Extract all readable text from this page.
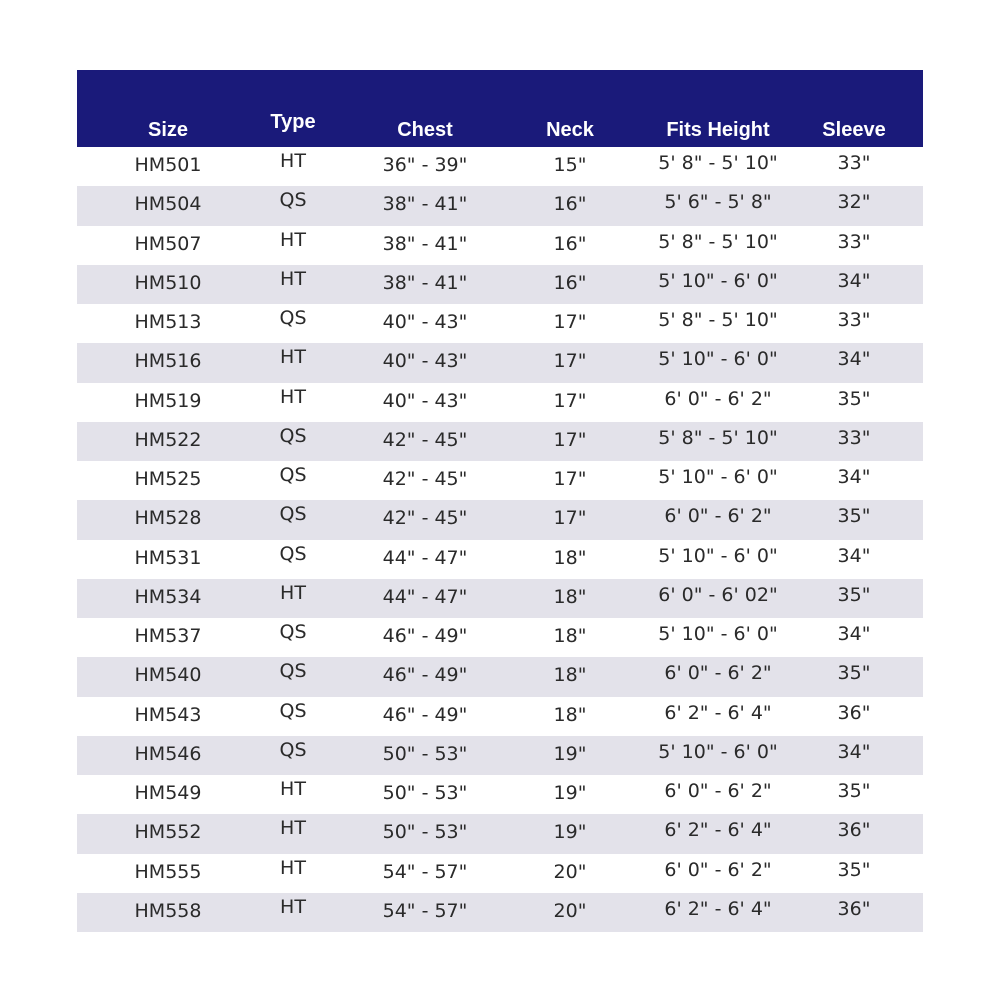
Size	Type	Chest	Neck	Fits Height	Sleeve
HM501	HT	36" - 39"	15"	5' 8" - 5' 10"	33"
HM504	QS	38" - 41"	16"	5' 6" - 5' 8"	32"
HM507	HT	38" - 41"	16"	5' 8" - 5' 10"	33"
HM510	HT	38" - 41"	16"	5' 10" - 6' 0"	34"
HM513	QS	40" - 43"	17"	5' 8" - 5' 10"	33"
HM516	HT	40" - 43"	17"	5' 10" - 6' 0"	34"
HM519	HT	40" - 43"	17"	6' 0" - 6' 2"	35"
HM522	QS	42" - 45"	17"	5' 8" - 5' 10"	33"
HM525	QS	42" - 45"	17"	5' 10" - 6' 0"	34"
HM528	QS	42" - 45"	17"	6' 0" - 6' 2"	35"
HM531	QS	44" - 47"	18"	5' 10" - 6' 0"	34"
HM534	HT	44" - 47"	18"	6' 0" - 6' 02"	35"
HM537	QS	46" - 49"	18"	5' 10" - 6' 0"	34"
HM540	QS	46" - 49"	18"	6' 0" - 6' 2"	35"
HM543	QS	46" - 49"	18"	6' 2" - 6' 4"	36"
HM546	QS	50" - 53"	19"	5' 10" - 6' 0"	34"
HM549	HT	50" - 53"	19"	6' 0" - 6' 2"	35"
HM552	HT	50" - 53"	19"	6' 2" - 6' 4"	36"
HM555	HT	54" - 57"	20"	6' 0" - 6' 2"	35"
HM558	HT	54" - 57"	20"	6' 2" - 6' 4"	36"
